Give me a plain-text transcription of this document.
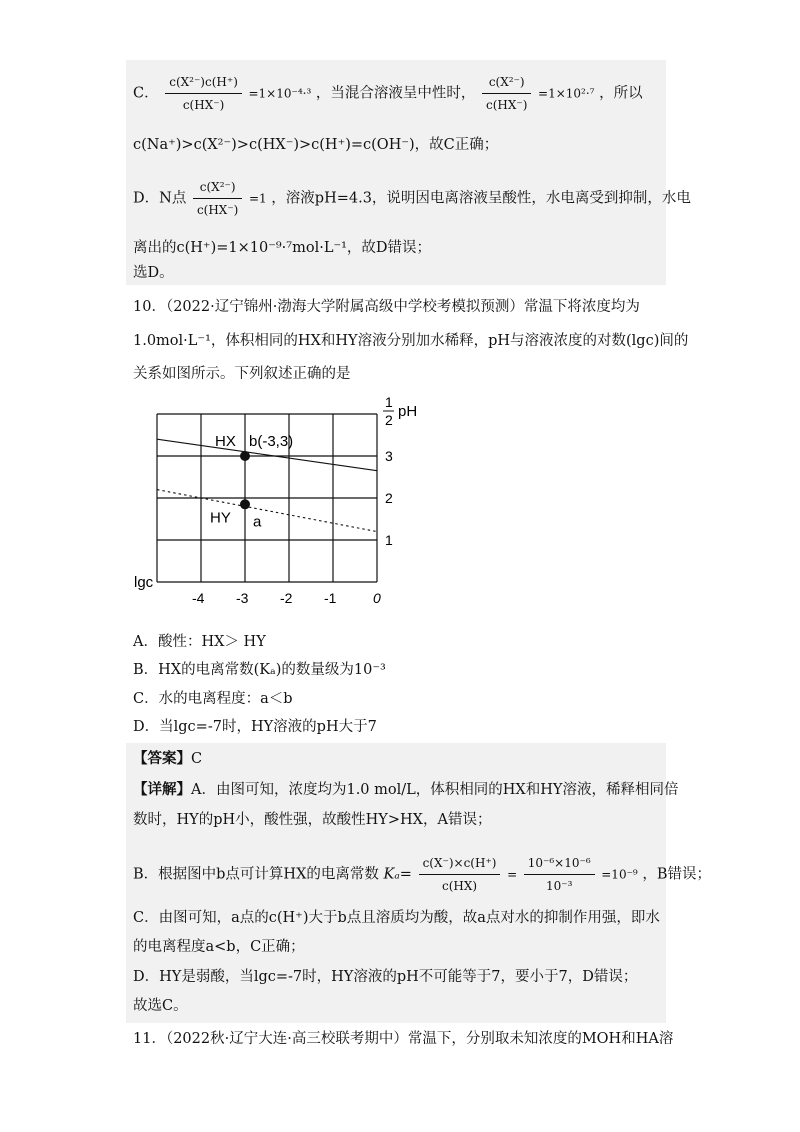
C． $\frac{\text{c(X²⁻)c(H⁺)}}{c(HX^-)} =1\times 10^{-4}\cdot^3$ ，当混合溶液呈中性时， $\frac{\text{c(X²⁻)}}{c(HX^-)} =1\times 10^2\cdot^7$ ，所以
c(Na⁺)>c(X²⁻)>c(HX⁻)>c(H⁺)=c(OH⁻)，故C正确；
D．N点 $\frac{\text{c(X²⁻)}}{c(HX^-)} =1$ ，溶液pH=4.3，说明因电离溶液呈酸性，水电离受到抑制，水电
离出的c(H⁺)=1×10⁻⁹·⁷mol·L⁻¹，故D错误；
选D。
10．（2022·辽宁锦州·渤海大学附属高级中学校考模拟预测）常温下将浓度均为
1.0mol·L⁻¹，体积相同的HX和HY溶液分别加水稀释，pH与溶液浓度的对数(lgc)间的
关系如图所示。下列叙述正确的是
HX
HY
b(-3,3)
a
-4 -3 -2 -1	0
1
2
3
1
2 pH
lgc
A．酸性：HX＞ HY
B．HX的电离常数(Kₐ)的数量级为10⁻³
C．水的电离程度：a＜b
D．当lgc=-7时，HY溶液的pH大于7
【答案】C
【详解】A．由图可知，浓度均为1.0 mol/L，体积相同的HX和HY溶液，稀释相同倍
数时，HY的pH小，酸性强，故酸性HY>HX，A错误；
B．根据图中b点可计算HX的电离常数 $K_a= \frac{c(X^-)\times c(H^+)}{c(HX)} = \frac{\text{10⁻⁶×10⁻⁶}}{\text{10⁻³}} =10^{-9}$ ，B错误；
C．由图可知，a点的c(H⁺)大于b点且溶质均为酸，故a点对水的抑制作用强，即水
的电离程度a<b，C正确；
D．HY是弱酸，当lgc=-7时，HY溶液的pH不可能等于7，要小于7，D错误；
故选C。
11．（2022秋·辽宁大连·高三校联考期中）常温下，分别取未知浓度的MOH和HA溶
